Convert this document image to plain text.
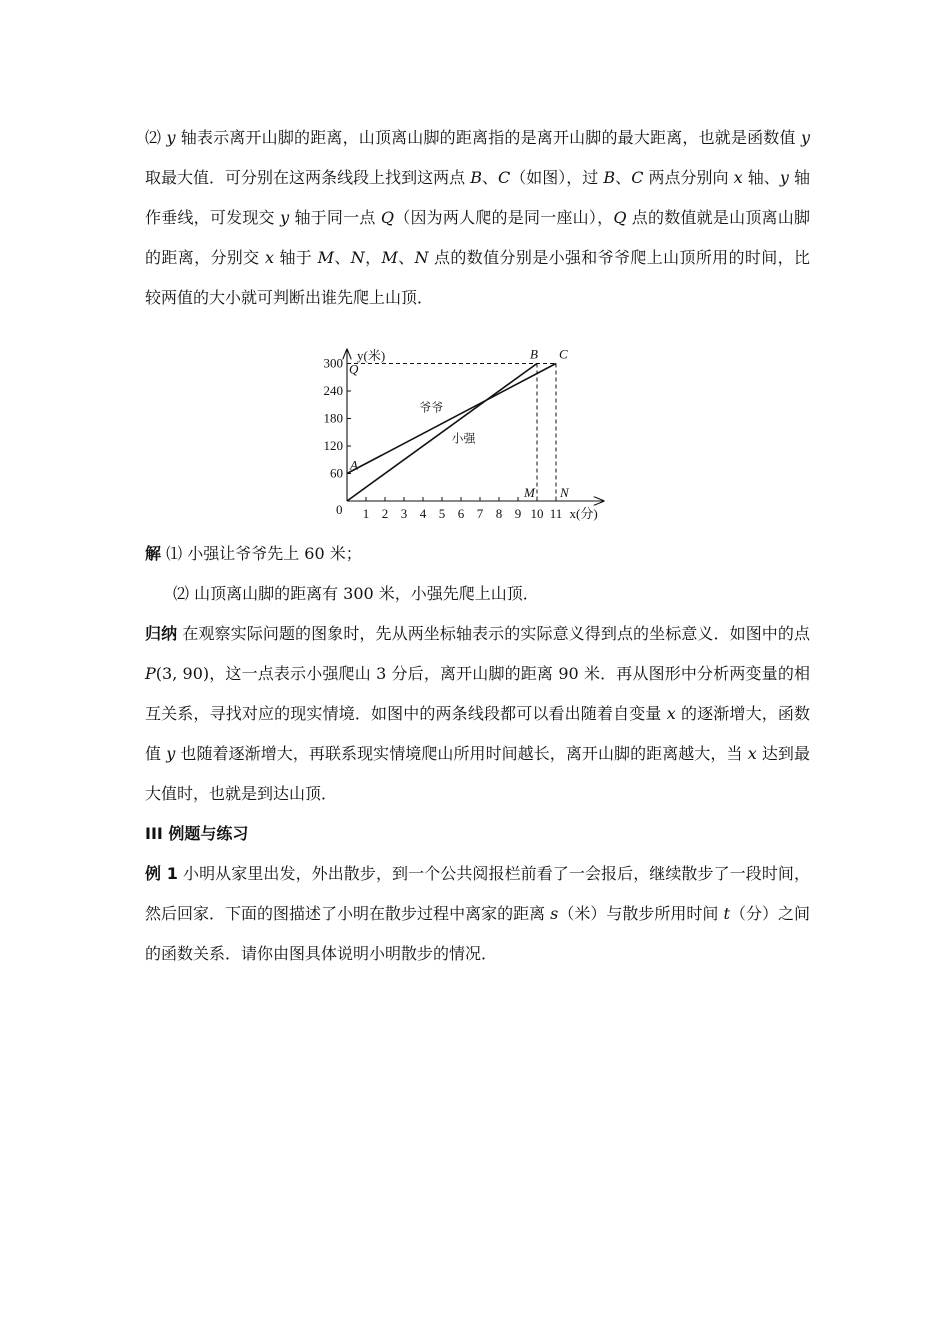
⑵ y 轴表示离开山脚的距离，山顶离山脚的距离指的是离开山脚的最大距离，也就是函数值 y 取最大值．可分别在这两条线段上找到这两点 B、C（如图），过 B、C 两点分别向 x 轴、y 轴作垂线，可发现交 y 轴于同一点 Q（因为两人爬的是同一座山），Q 点的数值就是山顶离山脚的距离，分别交 x 轴于 M、N，M、N 点的数值分别是小强和爷爷爬上山顶所用的时间，比较两值的大小就可判断出谁先爬上山顶．

60
120
180
240
300
1 2 3 4 5 6 7 8 9 10 11
y(米)
x(分)
0
爷爷
小强
A
Q
B C
M N

解 ⑴ 小强让爷爷先上 60 米；

⑵ 山顶离山脚的距离有 300 米，小强先爬上山顶．

归纳 在观察实际问题的图象时，先从两坐标轴表示的实际意义得到点的坐标意义．如图中的点 P(3, 90)，这一点表示小强爬山 3 分后，离开山脚的距离 90 米．再从图形中分析两变量的相互关系，寻找对应的现实情境．如图中的两条线段都可以看出随着自变量 x 的逐渐增大，函数值 y 也随着逐渐增大，再联系现实情境爬山所用时间越长，离开山脚的距离越大，当 x 达到最大值时，也就是到达山顶．

III 例题与练习

例 1 小明从家里出发，外出散步，到一个公共阅报栏前看了一会报后，继续散步了一段时间，然后回家．下面的图描述了小明在散步过程中离家的距离 s（米）与散步所用时间 t（分）之间的函数关系．请你由图具体说明小明散步的情况．
